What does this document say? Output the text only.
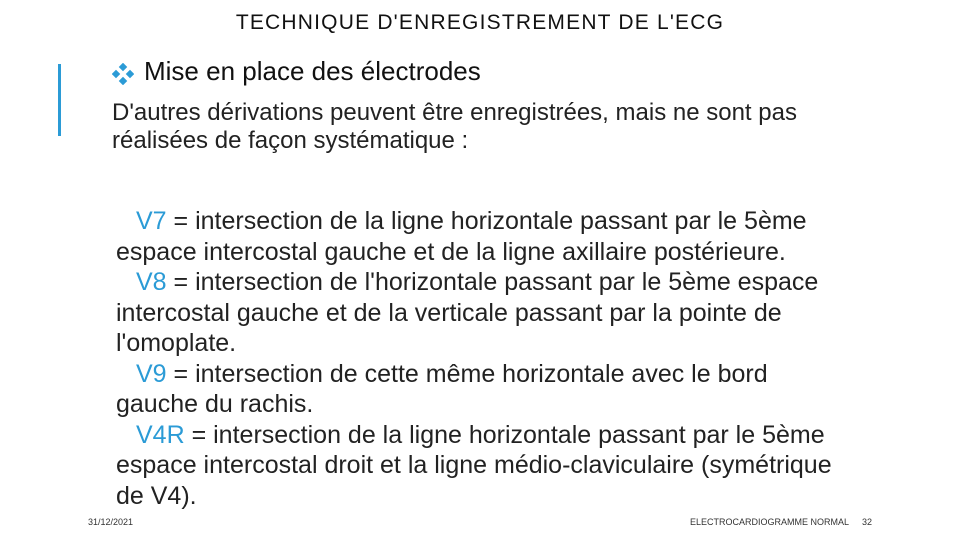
TECHNIQUE D'ENREGISTREMENT DE L'ECG
Mise en place des électrodes

D'autres dérivations peuvent être enregistrées, mais ne sont pas réalisées de façon systématique :

V7 = intersection de la ligne horizontale passant par le 5ème espace intercostal gauche et de la ligne axillaire postérieure.
V8 = intersection de l'horizontale passant par le 5ème espace intercostal gauche et de la verticale passant par la pointe de l'omoplate.
V9 = intersection de cette même horizontale avec le bord gauche du rachis.
V4R = intersection de la ligne horizontale passant par le 5ème espace intercostal droit et la ligne médio-claviculaire (symétrique de V4).
31/12/2021	ELECTROCARDIOGRAMME NORMAL 32
